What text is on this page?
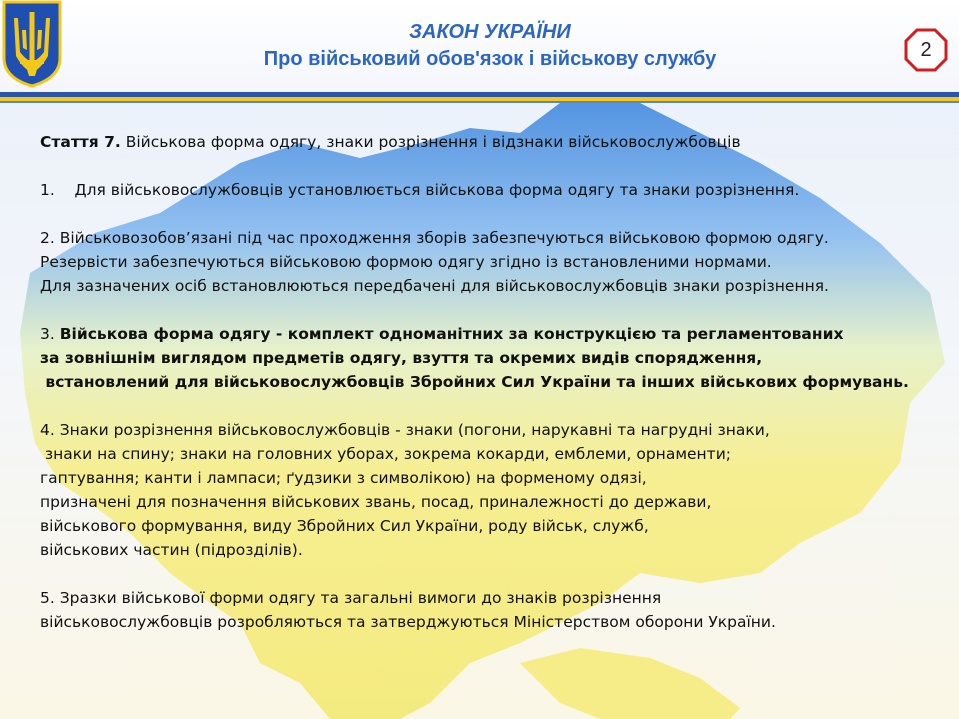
ЗАКОН УКРАЇНИ
Про військовий обов'язок і військову службу	2

Стаття 7. Військова форма одягу, знаки розрізнення і відзнаки військовослужбовців

1.    Для військовослужбовців установлюється військова форма одягу та знаки розрізнення.

2. Військовозобов’язані під час проходження зборів забезпечуються військовою формою одягу.

Резервісти забезпечуються військовою формою одягу згідно із встановленими нормами.

Для зазначених осіб встановлюються передбачені для військовослужбовців знаки розрізнення.

3. Військова форма одягу - комплект одноманітних за конструкцією та регламентованих

за зовнішнім виглядом предметів одягу, взуття та окремих видів спорядження,

встановлений для військовослужбовців Збройних Сил України та інших військових формувань.

4. Знаки розрізнення військовослужбовців - знаки (погони, нарукавні та нагрудні знаки,

знаки на спину; знаки на головних уборах, зокрема кокарди, емблеми, орнаменти;

гаптування; канти і лампаси; ґудзики з символікою) на форменому одязі,

призначені для позначення військових звань, посад, приналежності до держави,

військового формування, виду Збройних Сил України, роду військ, служб,

військових частин (підрозділів).

5. Зразки військової форми одягу та загальні вимоги до знаків розрізнення

військовослужбовців розробляються та затверджуються Міністерством оборони України.
